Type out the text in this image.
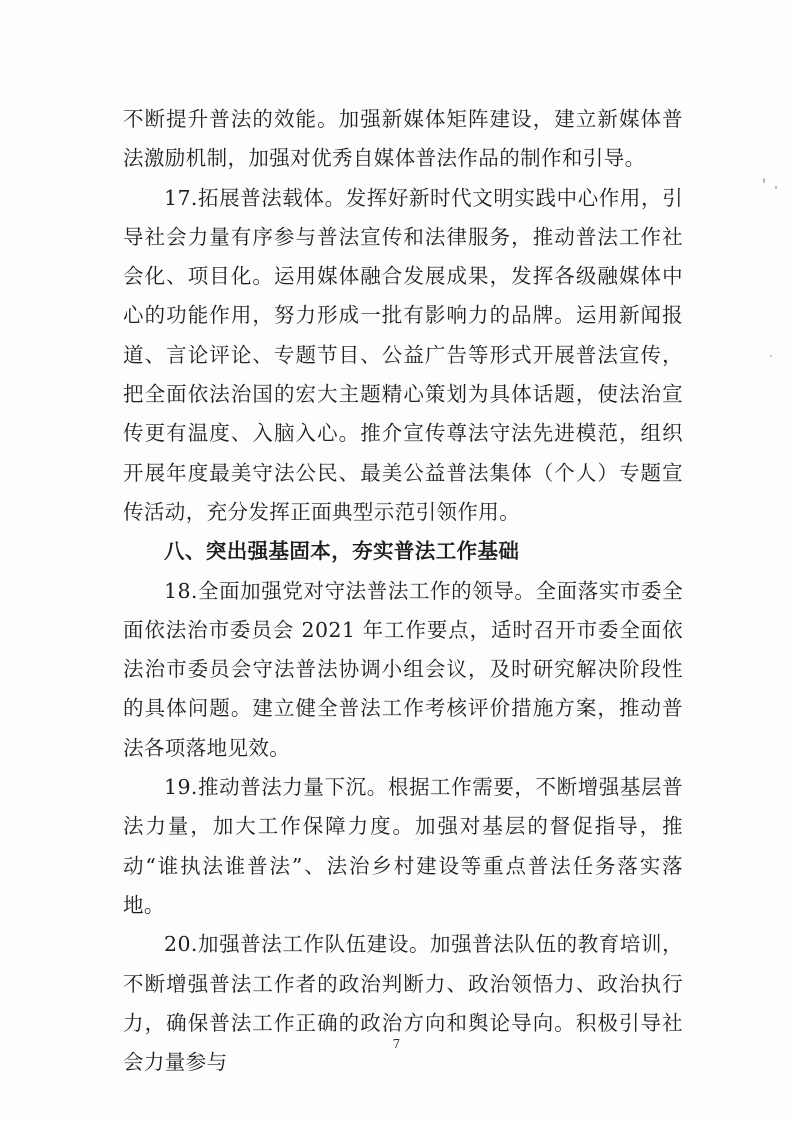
不断提升普法的效能。加强新媒体矩阵建设，建立新媒体普法激励机制，加强对优秀自媒体普法作品的制作和引导。

17.拓展普法载体。发挥好新时代文明实践中心作用，引导社会力量有序参与普法宣传和法律服务，推动普法工作社会化、项目化。运用媒体融合发展成果，发挥各级融媒体中心的功能作用，努力形成一批有影响力的品牌。运用新闻报道、言论评论、专题节目、公益广告等形式开展普法宣传，把全面依法治国的宏大主题精心策划为具体话题，使法治宣传更有温度、入脑入心。推介宣传尊法守法先进模范，组织开展年度最美守法公民、最美公益普法集体（个人）专题宣传活动，充分发挥正面典型示范引领作用。

八、突出强基固本，夯实普法工作基础

18.全面加强党对守法普法工作的领导。全面落实市委全面依法治市委员会 2021 年工作要点，适时召开市委全面依法治市委员会守法普法协调小组会议，及时研究解决阶段性的具体问题。建立健全普法工作考核评价措施方案，推动普法各项落地见效。

19.推动普法力量下沉。根据工作需要，不断增强基层普法力量，加大工作保障力度。加强对基层的督促指导，推动“谁执法谁普法”、法治乡村建设等重点普法任务落实落地。

20.加强普法工作队伍建设。加强普法队伍的教育培训，不断增强普法工作者的政治判断力、政治领悟力、政治执行力，确保普法工作正确的政治方向和舆论导向。积极引导社会力量参与

7
